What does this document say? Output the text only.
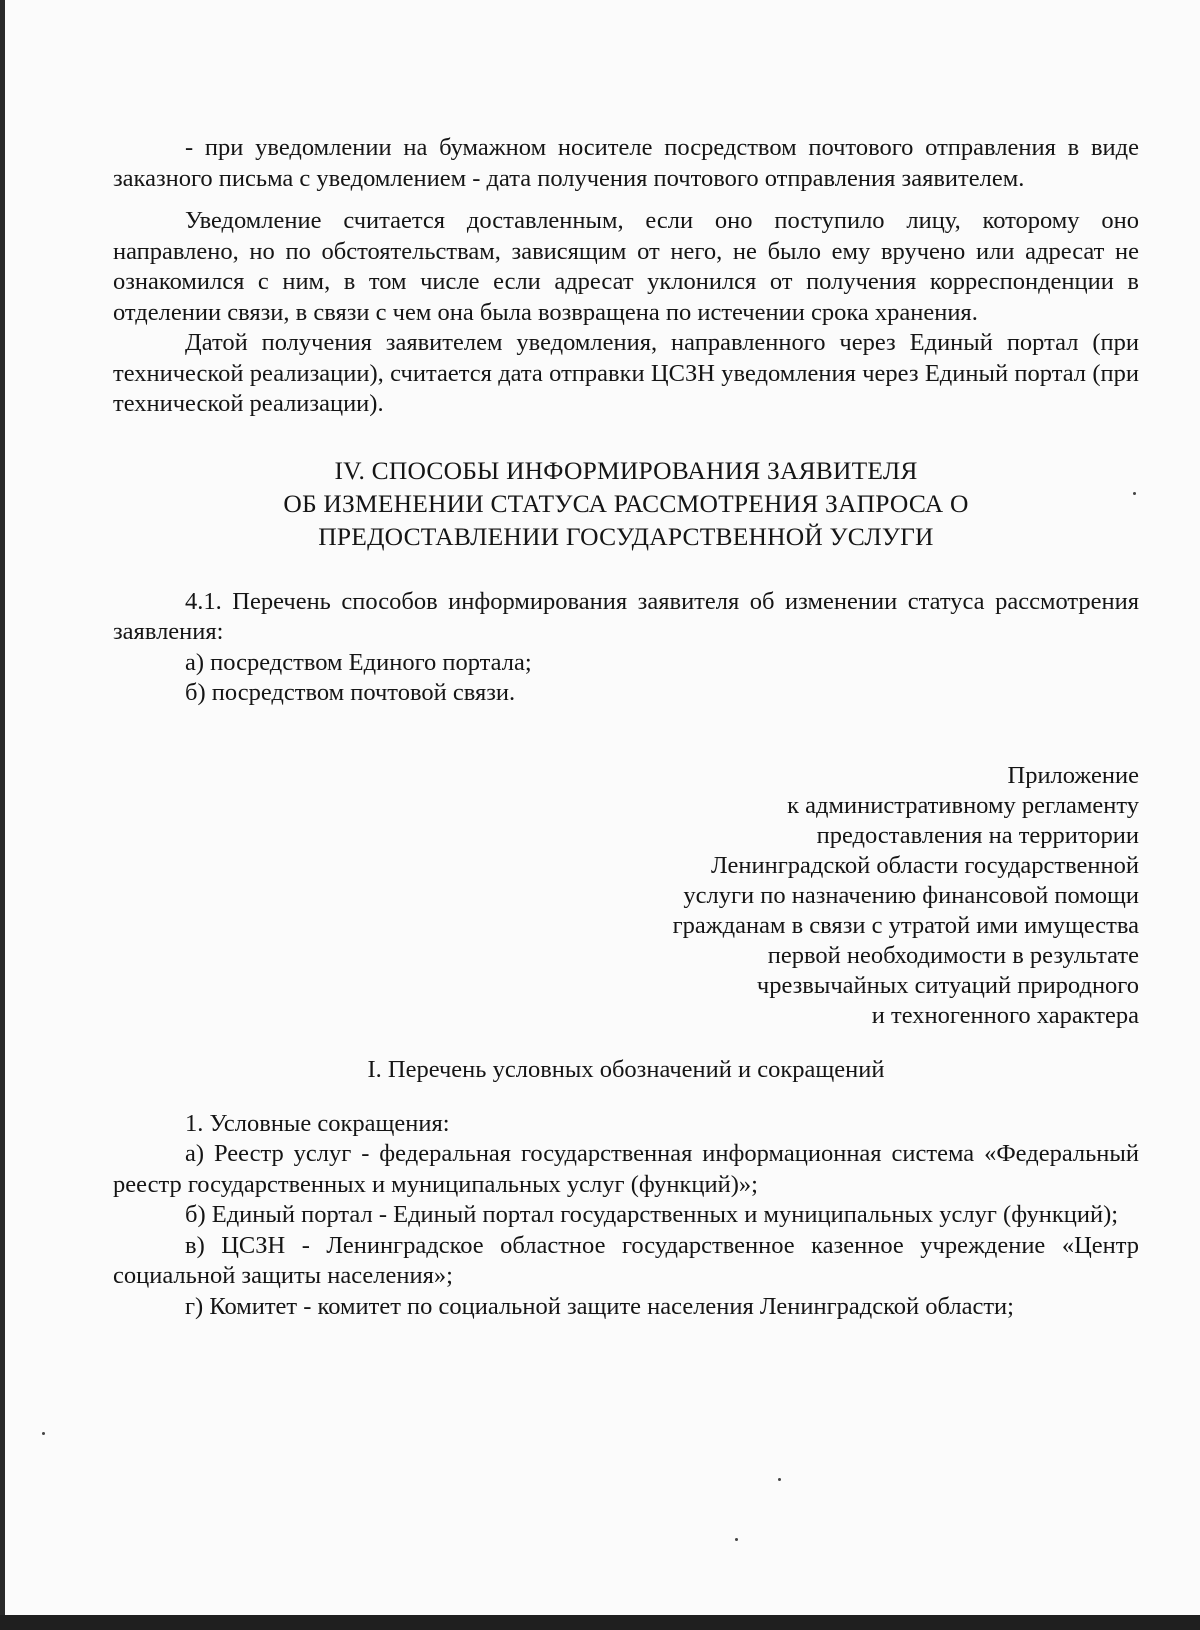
- при уведомлении на бумажном носителе посредством почтового отправления в виде заказного письма с уведомлением - дата получения почтового отправления заявителем.

Уведомление считается доставленным, если оно поступило лицу, которому оно направлено, но по обстоятельствам, зависящим от него, не было ему вручено или адресат не ознакомился с ним, в том числе если адресат уклонился от получения корреспонденции в отделении связи, в связи с чем она была возвращена по истечении срока хранения.

Датой получения заявителем уведомления, направленного через Единый портал (при технической реализации), считается дата отправки ЦСЗН уведомления через Единый портал (при технической реализации).

IV. СПОСОБЫ ИНФОРМИРОВАНИЯ ЗАЯВИТЕЛЯ

ОБ ИЗМЕНЕНИИ СТАТУСА РАССМОТРЕНИЯ ЗАПРОСА О

ПРЕДОСТАВЛЕНИИ ГОСУДАРСТВЕННОЙ УСЛУГИ

4.1. Перечень способов информирования заявителя об изменении статуса рассмотрения заявления:

а) посредством Единого портала;

б) посредством почтовой связи.

Приложение

к административному регламенту

предоставления на территории

Ленинградской области государственной

услуги по назначению финансовой помощи

гражданам в связи с утратой ими имущества

первой необходимости в результате

чрезвычайных ситуаций природного

и техногенного характера

I. Перечень условных обозначений и сокращений

1. Условные сокращения:

а) Реестр услуг - федеральная государственная информационная система «Федеральный реестр государственных и муниципальных услуг (функций)»;

б) Единый портал - Единый портал государственных и муниципальных услуг (функций);

в) ЦСЗН - Ленинградское областное государственное казенное учреждение «Центр социальной защиты населения»;

г) Комитет - комитет по социальной защите населения Ленинградской области;
